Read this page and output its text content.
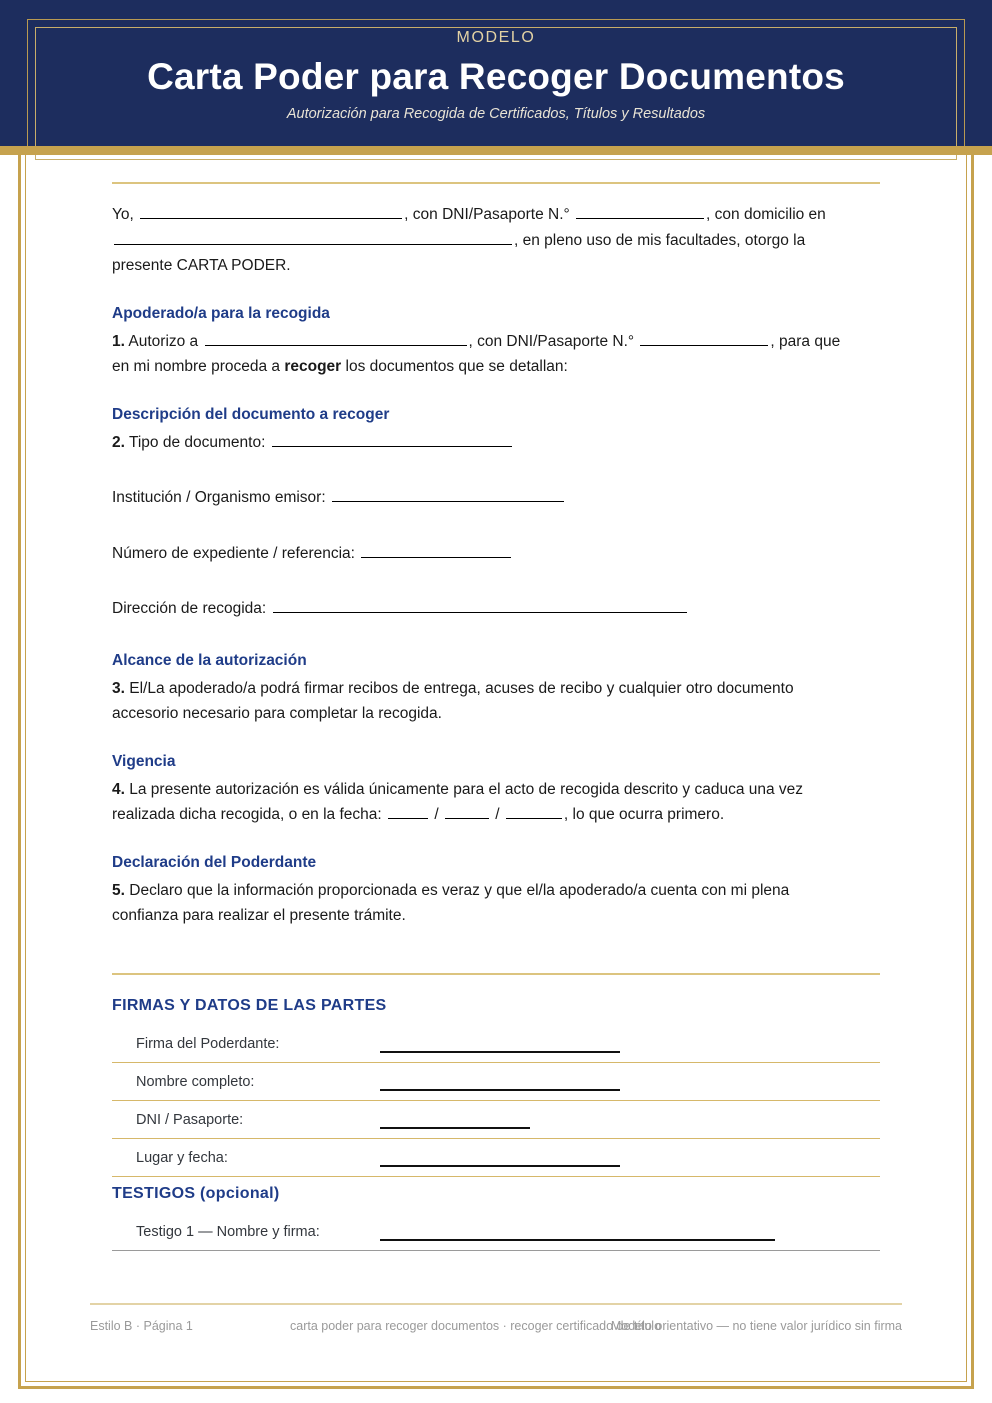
MODELO
Carta Poder para Recoger Documentos
Autorización para Recogida de Certificados, Títulos y Resultados

Yo,	, con DNI/Pasaporte N.°	, con domicilio en
, en pleno uso de mis facultades, otorgo la
presente CARTA PODER.

Apoderado/a para la recogida

1. Autorizo a	, con DNI/Pasaporte N.°	, para que
en mi nombre proceda a recoger los documentos que se detallan:

Descripción del documento a recoger
2. Tipo de documento:
Institución / Organismo emisor:
Número de expediente / referencia:
Dirección de recogida:
Alcance de la autorización

3. El/La apoderado/a podrá firmar recibos de entrega, acuses de recibo y cualquier otro documento
accesorio necesario para completar la recogida.

Vigencia

4. La presente autorización es válida únicamente para el acto de recogida descrito y caduca una vez
realizada dicha recogida, o en la fecha:	/	/	, lo que ocurra primero.

Declaración del Poderdante

5. Declaro que la información proporcionada es veraz y que el/la apoderado/a cuenta con mi plena
confianza para realizar el presente trámite.

FIRMAS Y DATOS DE LAS PARTES
Firma del Poderdante:
Nombre completo:
DNI / Pasaporte:
Lugar y fecha:
TESTIGOS (opcional)
Testigo 1 — Nombre y firma:
Estilo B · Página 1	carta poder para recoger documentos · recoger certificado de título
Modelo orientativo — no tiene valor jurídico sin firma
